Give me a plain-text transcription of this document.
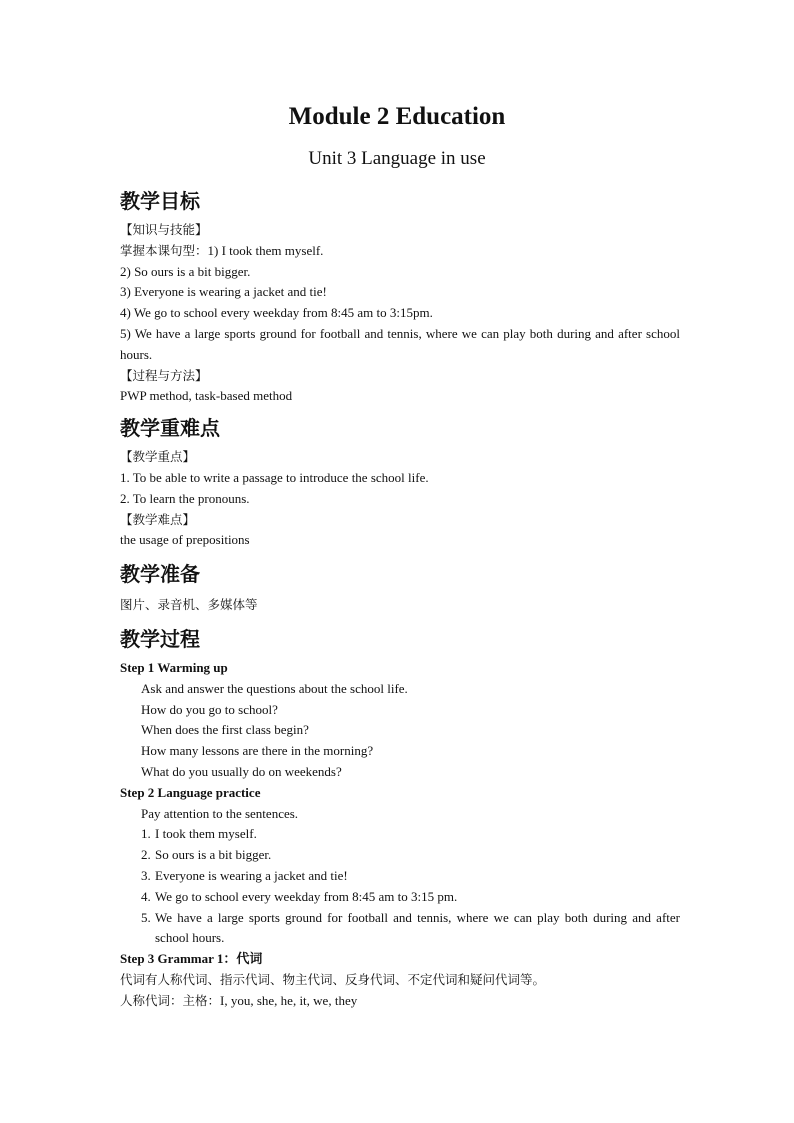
Module 2 Education
Unit 3 Language in use
教学目标
【知识与技能】
掌握本课句型：1) I took them myself.
2) So ours is a bit bigger.
3) Everyone is wearing a jacket and tie!
4) We go to school every weekday from 8:45 am to 3:15pm.
5) We have a large sports ground for football and tennis, where we can play both during and after school hours.
【过程与方法】
PWP method, task-based method
教学重难点
【教学重点】
1. To be able to write a passage to introduce the school life.
2. To learn the pronouns.
【教学难点】
the usage of prepositions
教学准备
图片、录音机、多媒体等
教学过程
Step 1 Warming up
Ask and answer the questions about the school life.
How do you go to school?
When does the first class begin?
How many lessons are there in the morning?
What do you usually do on weekends?
Step 2 Language practice
Pay attention to the sentences.
1. I took them myself.
2. So ours is a bit bigger.
3. Everyone is wearing a jacket and tie!
4. We go to school every weekday from 8:45 am to 3:15 pm.
5. We have a large sports ground for football and tennis, where we can play both during and after school hours.
Step 3 Grammar 1：代词
代词有人称代词、指示代词、物主代词、反身代词、不定代词和疑问代词等。
人称代词：主格：I, you, she, he, it, we, they
